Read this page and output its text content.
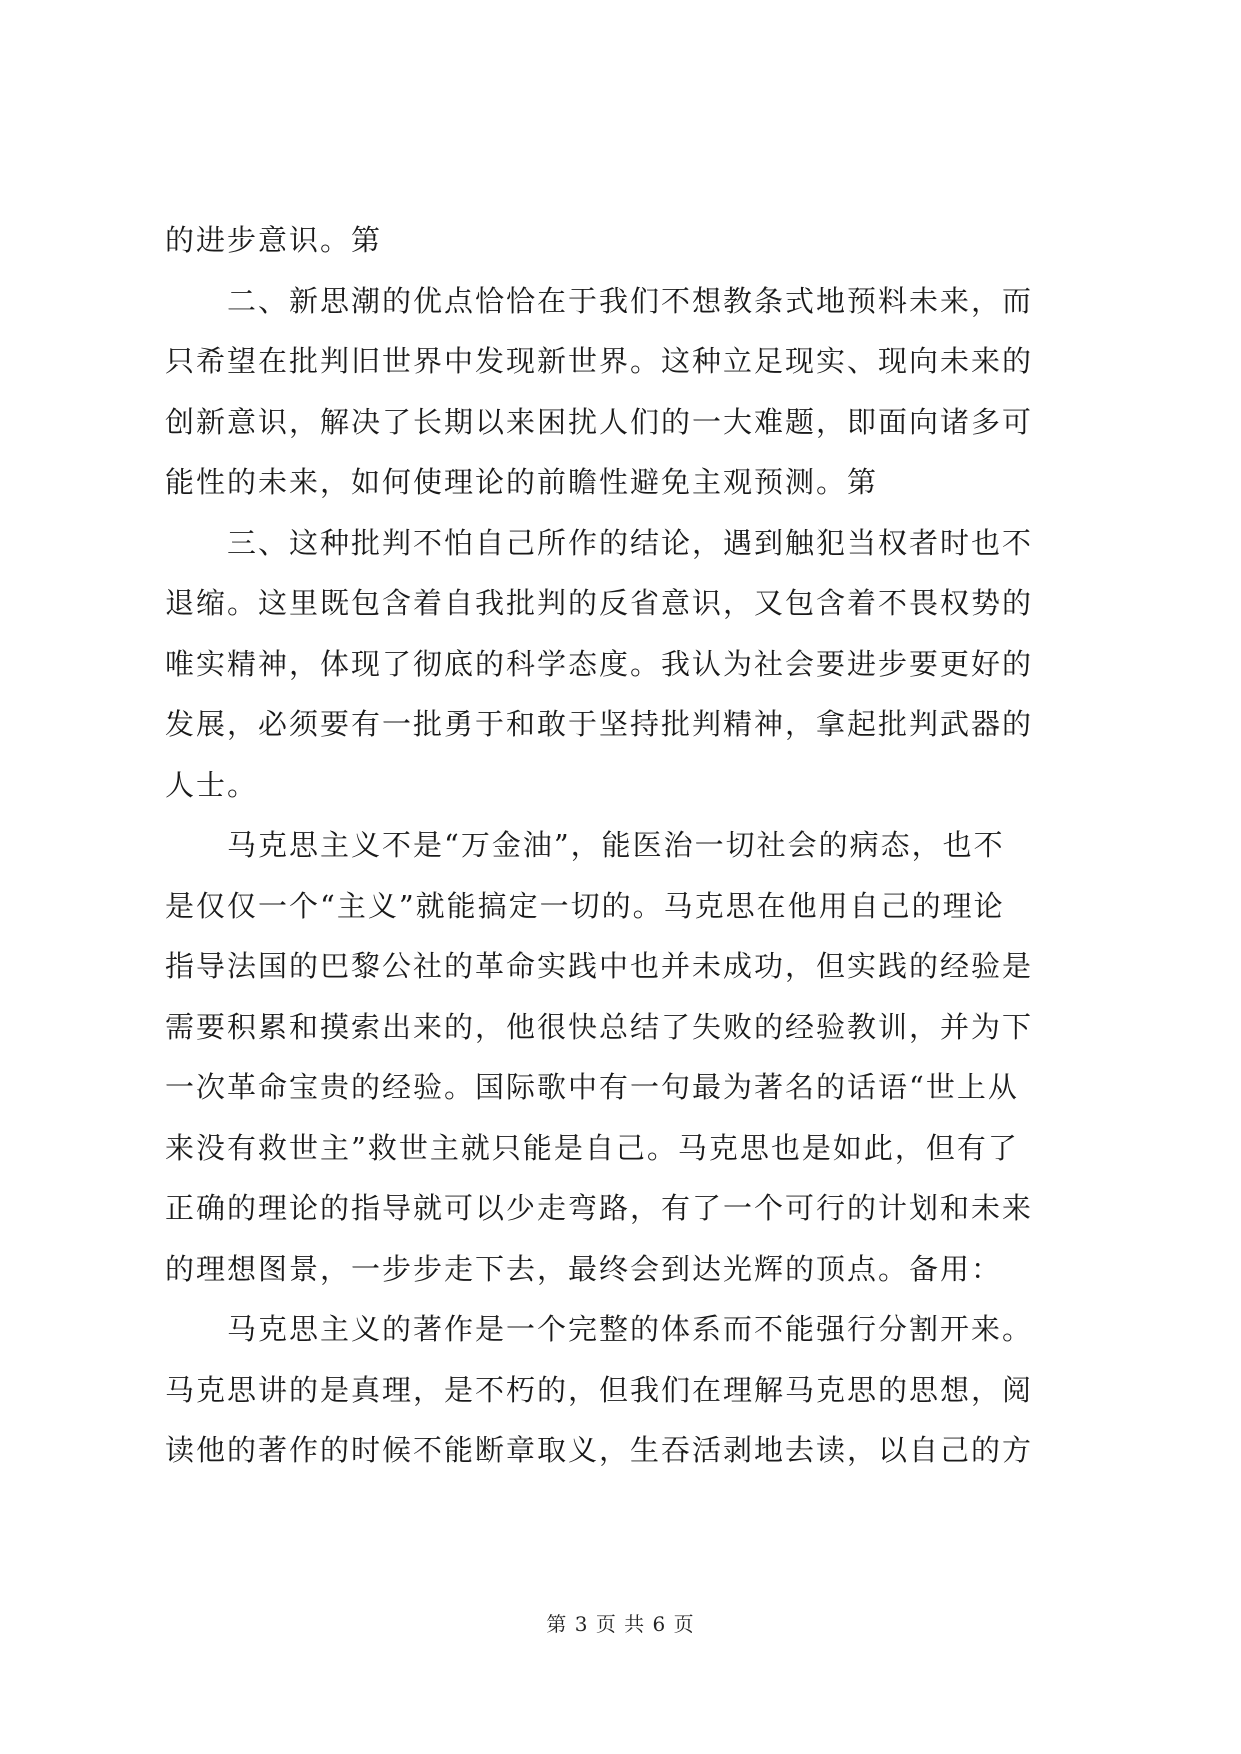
的进步意识。第
　　二、新思潮的优点恰恰在于我们不想教条式地预料未来，而
只希望在批判旧世界中发现新世界。这种立足现实、现向未来的
创新意识，解决了长期以来困扰人们的一大难题，即面向诸多可
能性的未来，如何使理论的前瞻性避免主观预测。第
　　三、这种批判不怕自己所作的结论，遇到触犯当权者时也不
退缩。这里既包含着自我批判的反省意识，又包含着不畏权势的
唯实精神，体现了彻底的科学态度。我认为社会要进步要更好的
发展，必须要有一批勇于和敢于坚持批判精神，拿起批判武器的
人士。
　　马克思主义不是“万金油”，能医治一切社会的病态，也不
是仅仅一个“主义”就能搞定一切的。马克思在他用自己的理论
指导法国的巴黎公社的革命实践中也并未成功，但实践的经验是
需要积累和摸索出来的，他很快总结了失败的经验教训，并为下
一次革命宝贵的经验。国际歌中有一句最为著名的话语“世上从
来没有救世主”救世主就只能是自己。马克思也是如此，但有了
正确的理论的指导就可以少走弯路，有了一个可行的计划和未来
的理想图景，一步步走下去，最终会到达光辉的顶点。备用：
　　马克思主义的著作是一个完整的体系而不能强行分割开来。
马克思讲的是真理，是不朽的，但我们在理解马克思的思想，阅
读他的著作的时候不能断章取义，生吞活剥地去读，以自己的方
第 3 页 共 6 页
